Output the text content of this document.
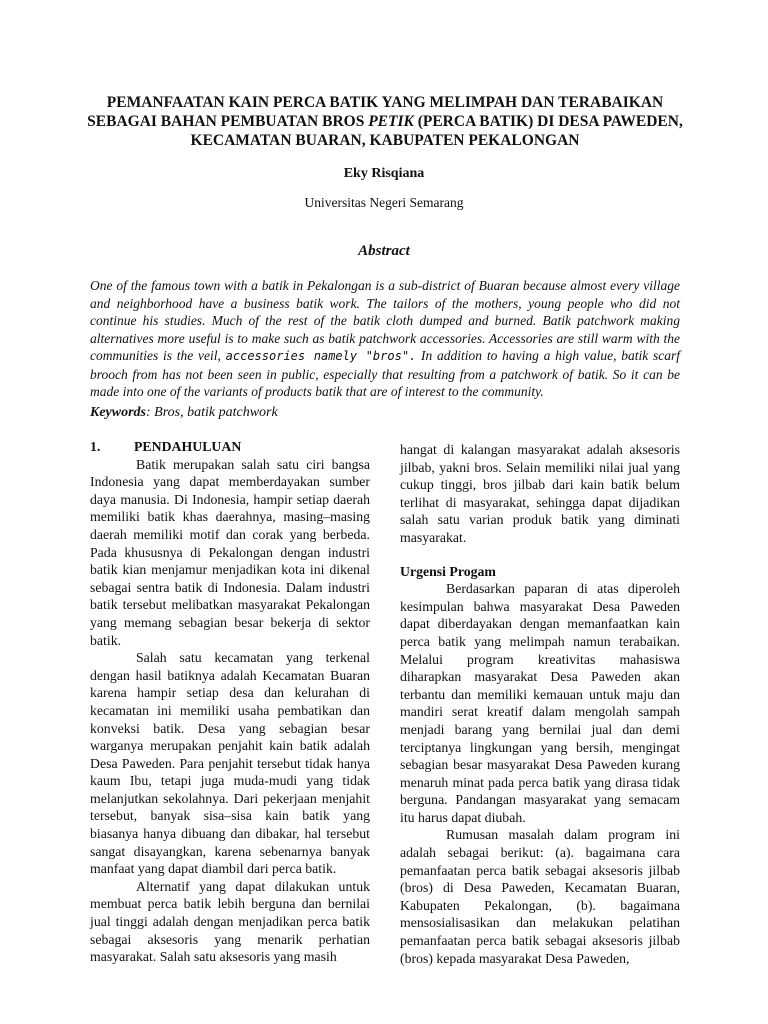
PEMANFAATAN KAIN PERCA BATIK YANG MELIMPAH DAN TERABAIKAN
SEBAGAI BAHAN PEMBUATAN BROS PETIK (PERCA BATIK) DI DESA PAWEDEN,
KECAMATAN BUARAN, KABUPATEN PEKALONGAN
Eky Risqiana
Universitas Negeri Semarang
Abstract
One of the famous town with a batik in Pekalongan is a sub-district of Buaran because almost every village and neighborhood have a business batik work. The tailors of the mothers, young people who did not continue his studies. Much of the rest of the batik cloth dumped and burned. Batik patchwork making alternatives more useful is to make such as batik patchwork accessories. Accessories are still warm with the communities is the veil, accessories namely "bros". In addition to having a high value, batik scarf brooch from has not been seen in public, especially that resulting from a patchwork of batik. So it can be made into one of the variants of products batik that are of interest to the community.
Keywords: Bros, batik patchwork
1. PENDAHULUAN

Batik merupakan salah satu ciri bangsa Indonesia yang dapat memberdayakan sumber daya manusia. Di Indonesia, hampir setiap daerah memiliki batik khas daerahnya, masing–masing daerah memiliki motif dan corak yang berbeda. Pada khususnya di Pekalongan dengan industri batik kian menjamur menjadikan kota ini dikenal sebagai sentra batik di Indonesia. Dalam industri batik tersebut melibatkan masyarakat Pekalongan yang memang sebagian besar bekerja di sektor batik.

Salah satu kecamatan yang terkenal dengan hasil batiknya adalah Kecamatan Buaran karena hampir setiap desa dan kelurahan di kecamatan ini memiliki usaha pembatikan dan konveksi batik. Desa yang sebagian besar warganya merupakan penjahit kain batik adalah Desa Paweden. Para penjahit tersebut tidak hanya kaum Ibu, tetapi juga muda-mudi yang tidak melanjutkan sekolahnya. Dari pekerjaan menjahit tersebut, banyak sisa–sisa kain batik yang biasanya hanya dibuang dan dibakar, hal tersebut sangat disayangkan, karena sebenarnya banyak manfaat yang dapat diambil dari perca batik.

Alternatif yang dapat dilakukan untuk membuat perca batik lebih berguna dan bernilai jual tinggi adalah dengan menjadikan perca batik sebagai aksesoris yang menarik perhatian masyarakat. Salah satu aksesoris yang masih

hangat di kalangan masyarakat adalah aksesoris jilbab, yakni bros. Selain memiliki nilai jual yang cukup tinggi, bros jilbab dari kain batik belum terlihat di masyarakat, sehingga dapat dijadikan salah satu varian produk batik yang diminati masyarakat.

Urgensi Progam

Berdasarkan paparan di atas diperoleh kesimpulan bahwa masyarakat Desa Paweden dapat diberdayakan dengan memanfaatkan kain perca batik yang melimpah namun terabaikan. Melalui program kreativitas mahasiswa diharapkan masyarakat Desa Paweden akan terbantu dan memiliki kemauan untuk maju dan mandiri serat kreatif dalam mengolah sampah menjadi barang yang bernilai jual dan demi terciptanya lingkungan yang bersih, mengingat sebagian besar masyarakat Desa Paweden kurang menaruh minat pada perca batik yang dirasa tidak berguna. Pandangan masyarakat yang semacam itu harus dapat diubah.

Rumusan masalah dalam program ini adalah sebagai berikut: (a). bagaimana cara pemanfaatan perca batik sebagai aksesoris jilbab (bros) di Desa Paweden, Kecamatan Buaran, Kabupaten Pekalongan, (b). bagaimana mensosialisasikan dan melakukan pelatihan pemanfaatan perca batik sebagai aksesoris jilbab (bros) kepada masyarakat Desa Paweden,
